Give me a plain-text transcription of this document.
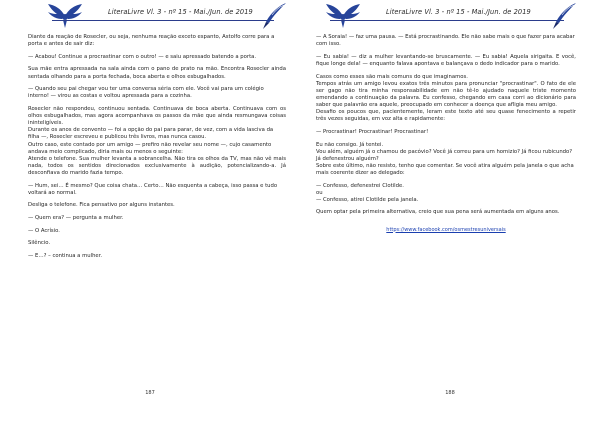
LiteraLivre Vl. 3 - nº 15 - Mai./Jun. de 2019

Diante da reação de Rosecler, ou seja, nenhuma reação exceto espanto, Astolfo corre para a porta e antes de sair diz:

— Acabou! Continue a procrastinar com o outro! — e saiu apressado batendo a porta.

Sua mãe entra apressada na sala ainda com o pano de prato na mão. Encontra Rosecler ainda sentada olhando para a porta fechada, boca aberta e olhos esbugalhados.

— Quando seu pai chegar vou ter uma conversa séria com ele. Você vai para um colégio interno! — virou as costas e voltou apressada para a cozinha.

Rosecler não respondeu, continuou sentada. Continuava de boca aberta. Continuava com os olhos esbugalhados, mas agora acompanhava os passos da mãe que ainda resmungava coisas ininteligíveis.

Durante os anos de convento — foi a opção do pai para parar, de vez, com a vida lasciva da filha —, Rosecler escreveu e publicou três livros, mas nunca casou.

Outro caso, este contado por um amigo — prefiro não revelar seu nome —, cujo casamento andava meio complicado, diria mais ou menos o seguinte:

Atende o telefone. Sua mulher levanta a sobrancelha. Não tira os olhos da TV, mas não vê mais nada, todos os sentidos direcionados exclusivamente à audição, potencializando-a. Já desconfiava do marido fazia tempo.

— Hum, sei… É mesmo? Que coisa chata… Certo… Não esquenta a cabeça, isso passa e tudo voltará ao normal.

Desliga o telefone. Fica pensativo por alguns instantes.

— Quem era? — pergunta a mulher.

— O Acrísio.

Silêncio.

— E…? – continua a mulher.

187
LiteraLivre Vl. 3 - nº 15 - Mai./Jun. de 2019

— A Soraia! — faz uma pausa. — Está procrastinando. Ele não sabe mais o que fazer para acabar com isso.

— Eu sabia! — diz a mulher levantando-se bruscamente. — Eu sabia! Aquela sirigaita. E você, fique longe dela! — enquanto falava apontava e balançava o dedo indicador para o marido.

Casos como esses são mais comuns do que imaginamos.

Tempos atrás um amigo levou exatos três minutos para pronunciar "procrastinar". O fato de ele ser gago não tira minha responsabilidade em não tê-lo ajudado naquele triste momento emendando a continuação da palavra. Eu confesso, chegando em casa corri ao dicionário para saber que palavrão era aquele, preocupado em conhecer a doença que afligia meu amigo.

Desafio os poucos que, pacientemente, leram este texto até seu quase fenecimento a repetir três vezes seguidas, em voz alta e rapidamente:

— Procrastinar! Procrastinar! Procrastinar!

Eu não consigo. Já tentei.

Vou além, alguém já o chamou de pacóvio? Você já correu para um homizio? Já ficou rubicundo? Já defenestrou alguém?

Sobre este último, não resisto, tenho que comentar. Se você atira alguém pela janela o que acha mais coerente dizer ao delegado:

— Confesso, defenestrei Clotilde.

ou

— Confesso, atirei Clotilde pela janela.

Quem optar pela primeira alternativa, creio que sua pena será aumentada em alguns anos.

https://www.facebook.com/osmestresuniversais
188
